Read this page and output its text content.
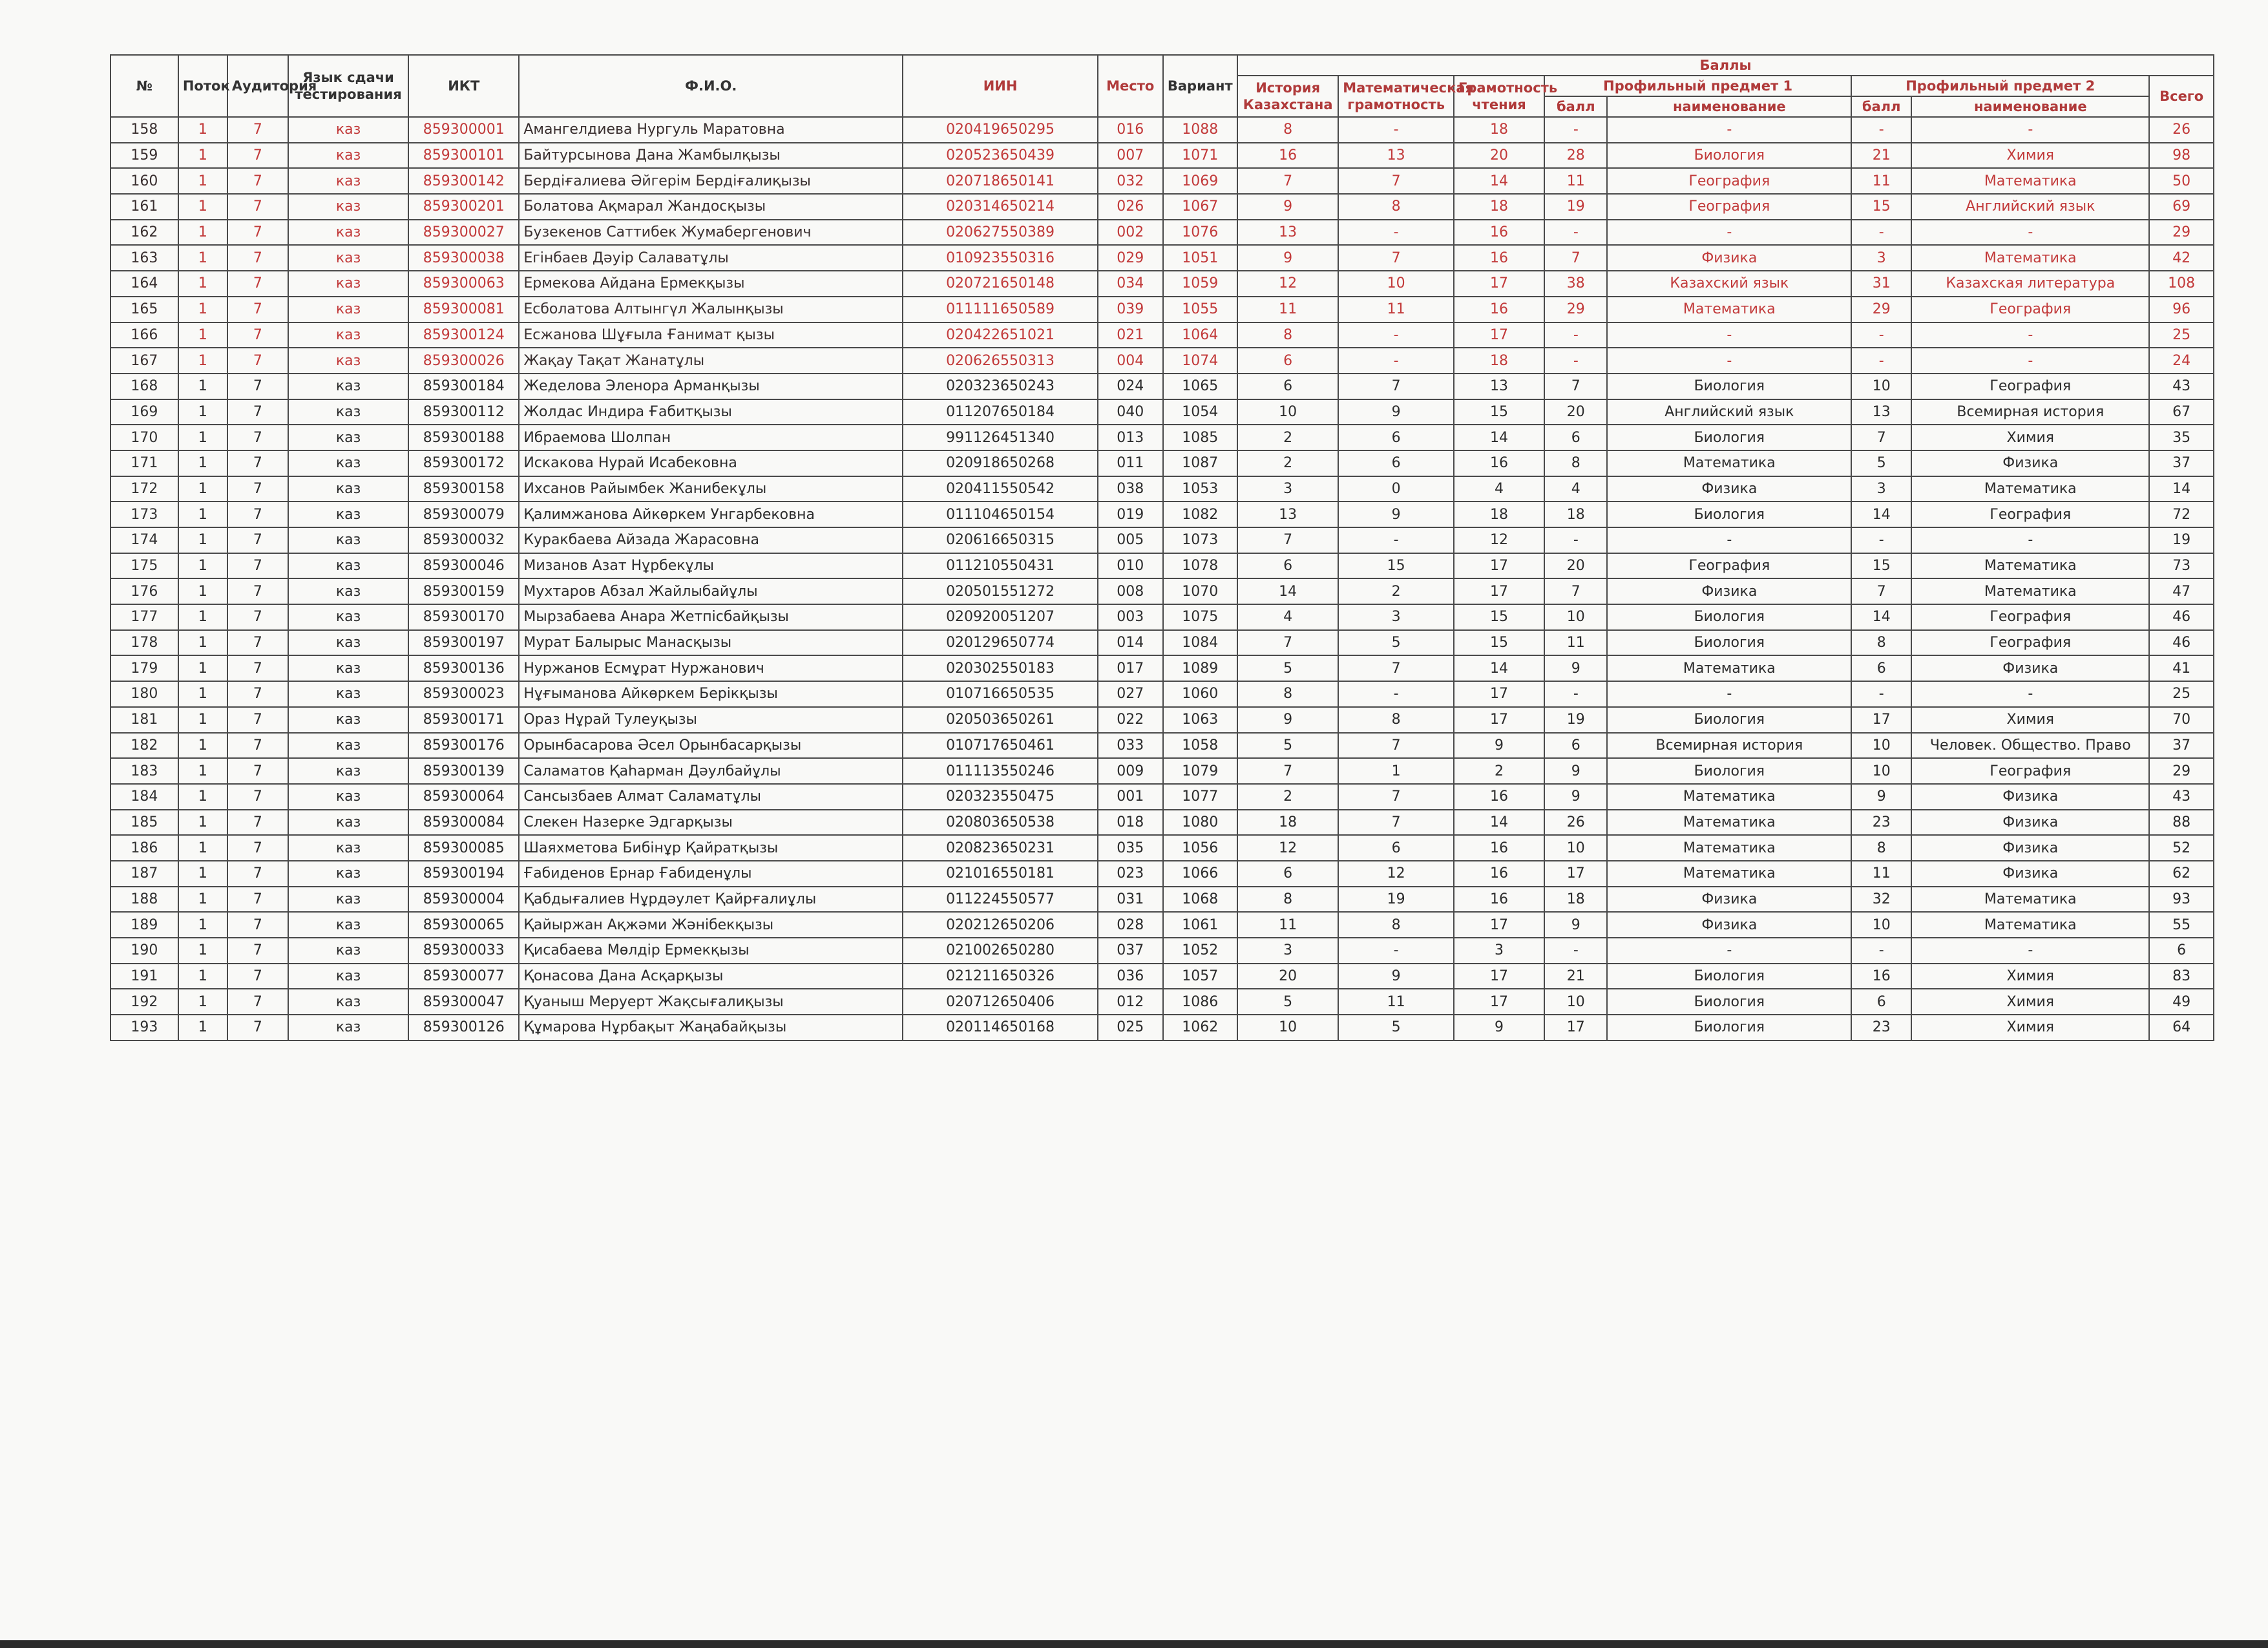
№	Поток	Аудитория	Язык сдачи тестирования	ИКТ	Ф.И.О.	ИИН	Место	Вариант	Баллы							
									История Казахстана	Математическая грамотность	Грамотность чтения	Профильный предмет 1		Профильный предмет 2		Всего
												балл	наименование	балл	наименование	
158	1	7	каз	859300001	Амангелдиева Нургуль Маратовна	020419650295	016	1088	8	-	18	-	-	-	-	26
159	1	7	каз	859300101	Байтурсынова Дана Жамбылқызы	020523650439	007	1071	16	13	20	28	Биология	21	Химия	98
160	1	7	каз	859300142	Бердіғалиева Әйгерім Бердіғалиқызы	020718650141	032	1069	7	7	14	11	География	11	Математика	50
161	1	7	каз	859300201	Болатова Ақмарал Жандосқызы	020314650214	026	1067	9	8	18	19	География	15	Английский язык	69
162	1	7	каз	859300027	Бузекенов Саттибек Жумабергенович	020627550389	002	1076	13	-	16	-	-	-	-	29
163	1	7	каз	859300038	Егінбаев Дәуір Салаватұлы	010923550316	029	1051	9	7	16	7	Физика	3	Математика	42
164	1	7	каз	859300063	Ермекова Айдана Ермекқызы	020721650148	034	1059	12	10	17	38	Казахский язык	31	Казахская литература	108
165	1	7	каз	859300081	Есболатова Алтынгүл Жалынқызы	011111650589	039	1055	11	11	16	29	Математика	29	География	96
166	1	7	каз	859300124	Есжанова Шұғыла Ғанимат қызы	020422651021	021	1064	8	-	17	-	-	-	-	25
167	1	7	каз	859300026	Жақау Тақат Жанатұлы	020626550313	004	1074	6	-	18	-	-	-	-	24
168	1	7	каз	859300184	Жеделова Эленора Арманқызы	020323650243	024	1065	6	7	13	7	Биология	10	География	43
169	1	7	каз	859300112	Жолдас Индира Ғабитқызы	011207650184	040	1054	10	9	15	20	Английский язык	13	Всемирная история	67
170	1	7	каз	859300188	Ибраемова Шолпан	991126451340	013	1085	2	6	14	6	Биология	7	Химия	35
171	1	7	каз	859300172	Искакова Нурай Исабековна	020918650268	011	1087	2	6	16	8	Математика	5	Физика	37
172	1	7	каз	859300158	Ихсанов Райымбек Жанибекұлы	020411550542	038	1053	3	0	4	4	Физика	3	Математика	14
173	1	7	каз	859300079	Қалимжанова Айкөркем Унгарбековна	011104650154	019	1082	13	9	18	18	Биология	14	География	72
174	1	7	каз	859300032	Куракбаева Айзада Жарасовна	020616650315	005	1073	7	-	12	-	-	-	-	19
175	1	7	каз	859300046	Мизанов Азат Нұрбекұлы	011210550431	010	1078	6	15	17	20	География	15	Математика	73
176	1	7	каз	859300159	Мухтаров Абзал Жайлыбайұлы	020501551272	008	1070	14	2	17	7	Физика	7	Математика	47
177	1	7	каз	859300170	Мырзабаева Анара Жетпісбайқызы	020920051207	003	1075	4	3	15	10	Биология	14	География	46
178	1	7	каз	859300197	Мурат Балырыс Манасқызы	020129650774	014	1084	7	5	15	11	Биология	8	География	46
179	1	7	каз	859300136	Нуржанов Есмұрат Нуржанович	020302550183	017	1089	5	7	14	9	Математика	6	Физика	41
180	1	7	каз	859300023	Нұғыманова Айкөркем Берікқызы	010716650535	027	1060	8	-	17	-	-	-	-	25
181	1	7	каз	859300171	Ораз Нұрай Тулеуқызы	020503650261	022	1063	9	8	17	19	Биология	17	Химия	70
182	1	7	каз	859300176	Орынбасарова Әсел Орынбасарқызы	010717650461	033	1058	5	7	9	6	Всемирная история	10	Человек. Общество. Право	37
183	1	7	каз	859300139	Саламатов Қаһарман Дәулбайұлы	011113550246	009	1079	7	1	2	9	Биология	10	География	29
184	1	7	каз	859300064	Сансызбаев Алмат Саламатұлы	020323550475	001	1077	2	7	16	9	Математика	9	Физика	43
185	1	7	каз	859300084	Слекен Назерке Эдгарқызы	020803650538	018	1080	18	7	14	26	Математика	23	Физика	88
186	1	7	каз	859300085	Шаяхметова Бибінұр Қайратқызы	020823650231	035	1056	12	6	16	10	Математика	8	Физика	52
187	1	7	каз	859300194	Ғабиденов Ернар Ғабиденұлы	021016550181	023	1066	6	12	16	17	Математика	11	Физика	62
188	1	7	каз	859300004	Қабдығалиев Нұрдәулет Қайрғалиұлы	011224550577	031	1068	8	19	16	18	Физика	32	Математика	93
189	1	7	каз	859300065	Қайыржан Ақжәми Жәнібекқызы	020212650206	028	1061	11	8	17	9	Физика	10	Математика	55
190	1	7	каз	859300033	Қисабаева Мөлдір Ермекқызы	021002650280	037	1052	3	-	3	-	-	-	-	6
191	1	7	каз	859300077	Қонасова Дана Асқарқызы	021211650326	036	1057	20	9	17	21	Биология	16	Химия	83
192	1	7	каз	859300047	Қуаныш Меруерт Жақсығалиқызы	020712650406	012	1086	5	11	17	10	Биология	6	Химия	49
193	1	7	каз	859300126	Құмарова Нұрбақыт Жаңабайқызы	020114650168	025	1062	10	5	9	17	Биология	23	Химия	64
